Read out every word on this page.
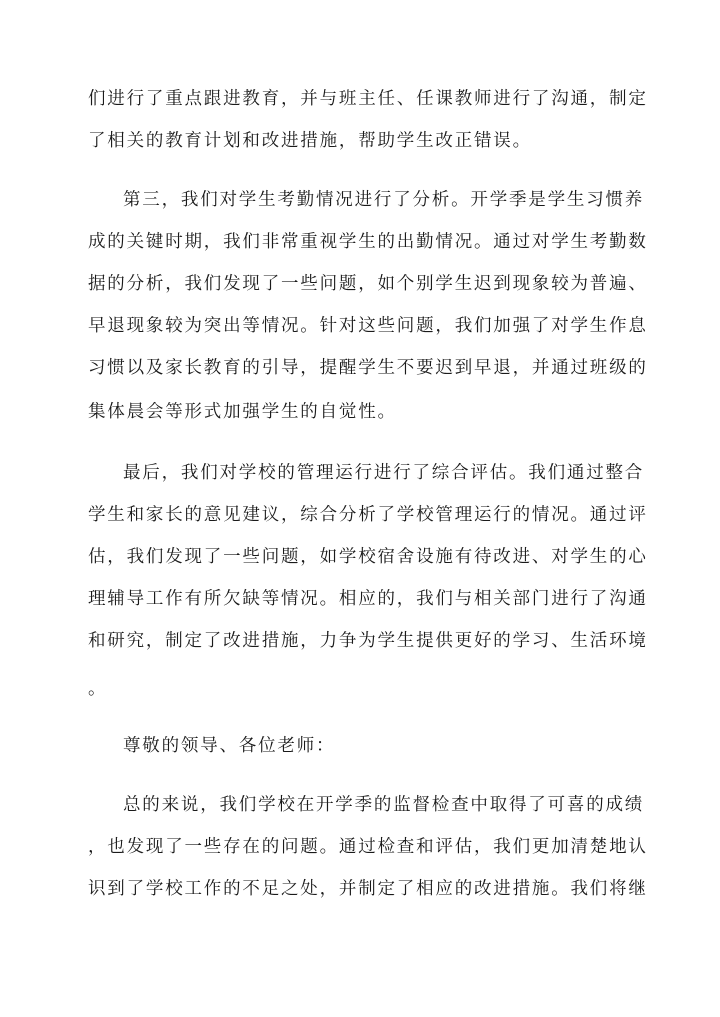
们进行了重点跟进教育，并与班主任、任课教师进行了沟通，制定
了相关的教育计划和改进措施，帮助学生改正错误。
第三，我们对学生考勤情况进行了分析。开学季是学生习惯养
成的关键时期，我们非常重视学生的出勤情况。通过对学生考勤数
据的分析，我们发现了一些问题，如个别学生迟到现象较为普遍、
早退现象较为突出等情况。针对这些问题，我们加强了对学生作息
习惯以及家长教育的引导，提醒学生不要迟到早退，并通过班级的
集体晨会等形式加强学生的自觉性。
最后，我们对学校的管理运行进行了综合评估。我们通过整合
学生和家长的意见建议，综合分析了学校管理运行的情况。通过评
估，我们发现了一些问题，如学校宿舍设施有待改进、对学生的心
理辅导工作有所欠缺等情况。相应的，我们与相关部门进行了沟通
和研究，制定了改进措施，力争为学生提供更好的学习、生活环境
。
尊敬的领导、各位老师：
总的来说，我们学校在开学季的监督检查中取得了可喜的成绩
，也发现了一些存在的问题。通过检查和评估，我们更加清楚地认
识到了学校工作的不足之处，并制定了相应的改进措施。我们将继
